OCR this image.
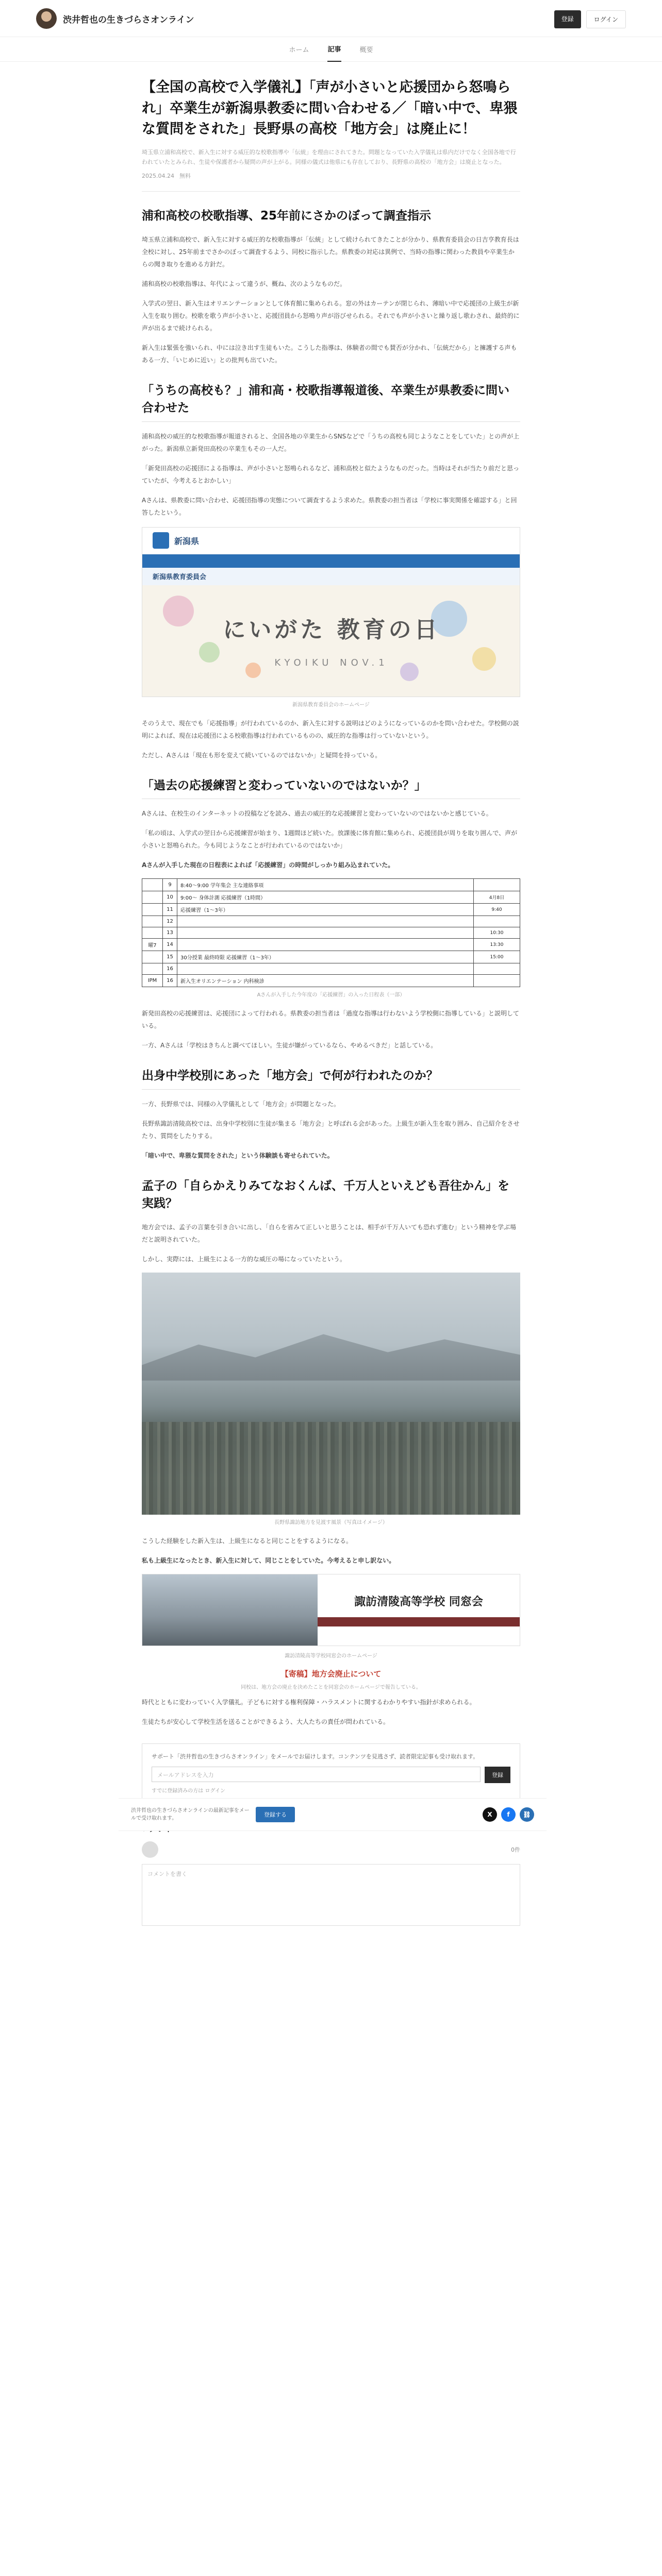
渋井哲也の生きづらさオンライン	登録	ログイン
ホーム	記事	概要
【全国の高校で入学儀礼】「声が小さいと応援団から怒鳴られ」卒業生が新潟県教委に問い合わせる／「暗い中で、卑猥な質問をされた」長野県の高校「地方会」は廃止に！

埼玉県立浦和高校で、新入生に対する威圧的な校歌指導や「伝統」を理由にされてきた。問題となっていた入学儀礼は県内だけでなく全国各地で行われていたとみられ、生徒や保護者から疑問の声が上がる。同様の儀式は他県にも存在しており、長野県の高校の「地方会」は廃止となった。

2025.04.24 無料
浦和高校の校歌指導、25年前にさかのぼって調査指示

埼玉県立浦和高校で、新入生に対する威圧的な校歌指導が「伝統」として続けられてきたことが分かり、県教育委員会の日吉亨教育長は全校に対し、25年前までさかのぼって調査するよう、同校に指示した。県教委の対応は異例で、当時の指導に関わった教員や卒業生からの聞き取りを進める方針だ。

浦和高校の校歌指導は、年代によって違うが、概ね、次のようなものだ。

入学式の翌日、新入生はオリエンテーションとして体育館に集められる。窓の外はカーテンが閉じられ、薄暗い中で応援団の上級生が新入生を取り囲む。校歌を歌う声が小さいと、応援団員から怒鳴り声が浴びせられる。それでも声が小さいと繰り返し歌わされ、最終的に声が出るまで続けられる。

新入生は緊張を強いられ、中には泣き出す生徒もいた。こうした指導は、体験者の間でも賛否が分かれ、「伝統だから」と擁護する声もある一方、「いじめに近い」との批判も出ていた。

「うちの高校も？」浦和高・校歌指導報道後、卒業生が県教委に問い合わせた

浦和高校の威圧的な校歌指導が報道されると、全国各地の卒業生からSNSなどで「うちの高校も同じようなことをしていた」との声が上がった。新潟県立新発田高校の卒業生もその一人だ。

「新発田高校の応援団による指導は、声が小さいと怒鳴られるなど、浦和高校と似たようなものだった。当時はそれが当たり前だと思っていたが、今考えるとおかしい」

Aさんは、県教委に問い合わせ、応援団指導の実態について調査するよう求めた。県教委の担当者は「学校に事実関係を確認する」と回答したという。

新潟県
新潟県教育委員会
にいがた 教育の日
KYOIKU NOV.1
新潟県教育委員会のホームページ

そのうえで、現在でも「応援指導」が行われているのか、新入生に対する説明はどのようになっているのかを問い合わせた。学校側の説明によれば、現在は応援団による校歌指導は行われているものの、威圧的な指導は行っていないという。

ただし、Aさんは「現在も形を変えて続いているのではないか」と疑問を持っている。

「過去の応援練習と変わっていないのではないか？」

Aさんは、在校生のインターネットの投稿などを読み、過去の威圧的な応援練習と変わっていないのではないかと感じている。

「私の頃は、入学式の翌日から応援練習が始まり、1週間ほど続いた。放課後に体育館に集められ、応援団員が周りを取り囲んで、声が小さいと怒鳴られた。今も同じようなことが行われているのではないか」

Aさんが入手した現在の日程表によれば「応援練習」の時間がしっかり組み込まれていた。

	9	8:40〜9:00 学年集会 主な連絡事項	
	10	9:00〜 身体計測 応援練習（1時間）	4月8日
	11	応援練習（1〜3年）	9:40
	12		
	13		10:30
曜7	14		13:30
	15	30分授業 最終時限 応援練習（1〜3年）	15:00
	16		
IPM	16	新入生オリエンテーション 内科検診	
Aさんが入手した今年度の「応援練習」の入った日程表（一部）

新発田高校の応援練習は、応援団によって行われる。県教委の担当者は「過度な指導は行わないよう学校側に指導している」と説明している。

一方、Aさんは「学校はきちんと調べてほしい。生徒が嫌がっているなら、やめるべきだ」と話している。

出身中学校別にあった「地方会」で何が行われたのか？

一方、長野県では、同様の入学儀礼として「地方会」が問題となった。

長野県諏訪清陵高校では、出身中学校別に生徒が集まる「地方会」と呼ばれる会があった。上級生が新入生を取り囲み、自己紹介をさせたり、質問をしたりする。

「暗い中で、卑猥な質問をされた」という体験談も寄せられていた。

孟子の「自らかえりみてなおくんば、千万人といえども吾往かん」を実践？

地方会では、孟子の言葉を引き合いに出し、「自らを省みて正しいと思うことは、相手が千万人いても恐れず進む」という精神を学ぶ場だと説明されていた。

しかし、実際には、上級生による一方的な威圧の場になっていたという。

長野県諏訪地方を見渡す風景（写真はイメージ）

こうした経験をした新入生は、上級生になると同じことをするようになる。

私も上級生になったとき、新入生に対して、同じことをしていた。今考えると申し訳ない。

諏訪清陵高等学校 同窓会
諏訪清陵高等学校同窓会のホームページ
【寄稿】地方会廃止について
同校は、地方会の廃止を決めたことを同窓会のホームページで報告している。

時代とともに変わっていく入学儀礼。子どもに対する権利保障・ハラスメントに関するわかりやすい指針が求められる。

生徒たちが安心して学校生活を送ることができるよう、大人たちの責任が問われている。

サポート「渋井哲也の生きづらさオンライン」をメールでお届けします。コンテンツを見逃さず、読者限定記事も受け取れます。
メールアドレスを入力	登録
すでに登録済みの方は ログイン
0件
コメントを書く
渋井哲也の生きづらさオンラインの最新記事をメールで受け取れます。
登録する	X	f	⛓
